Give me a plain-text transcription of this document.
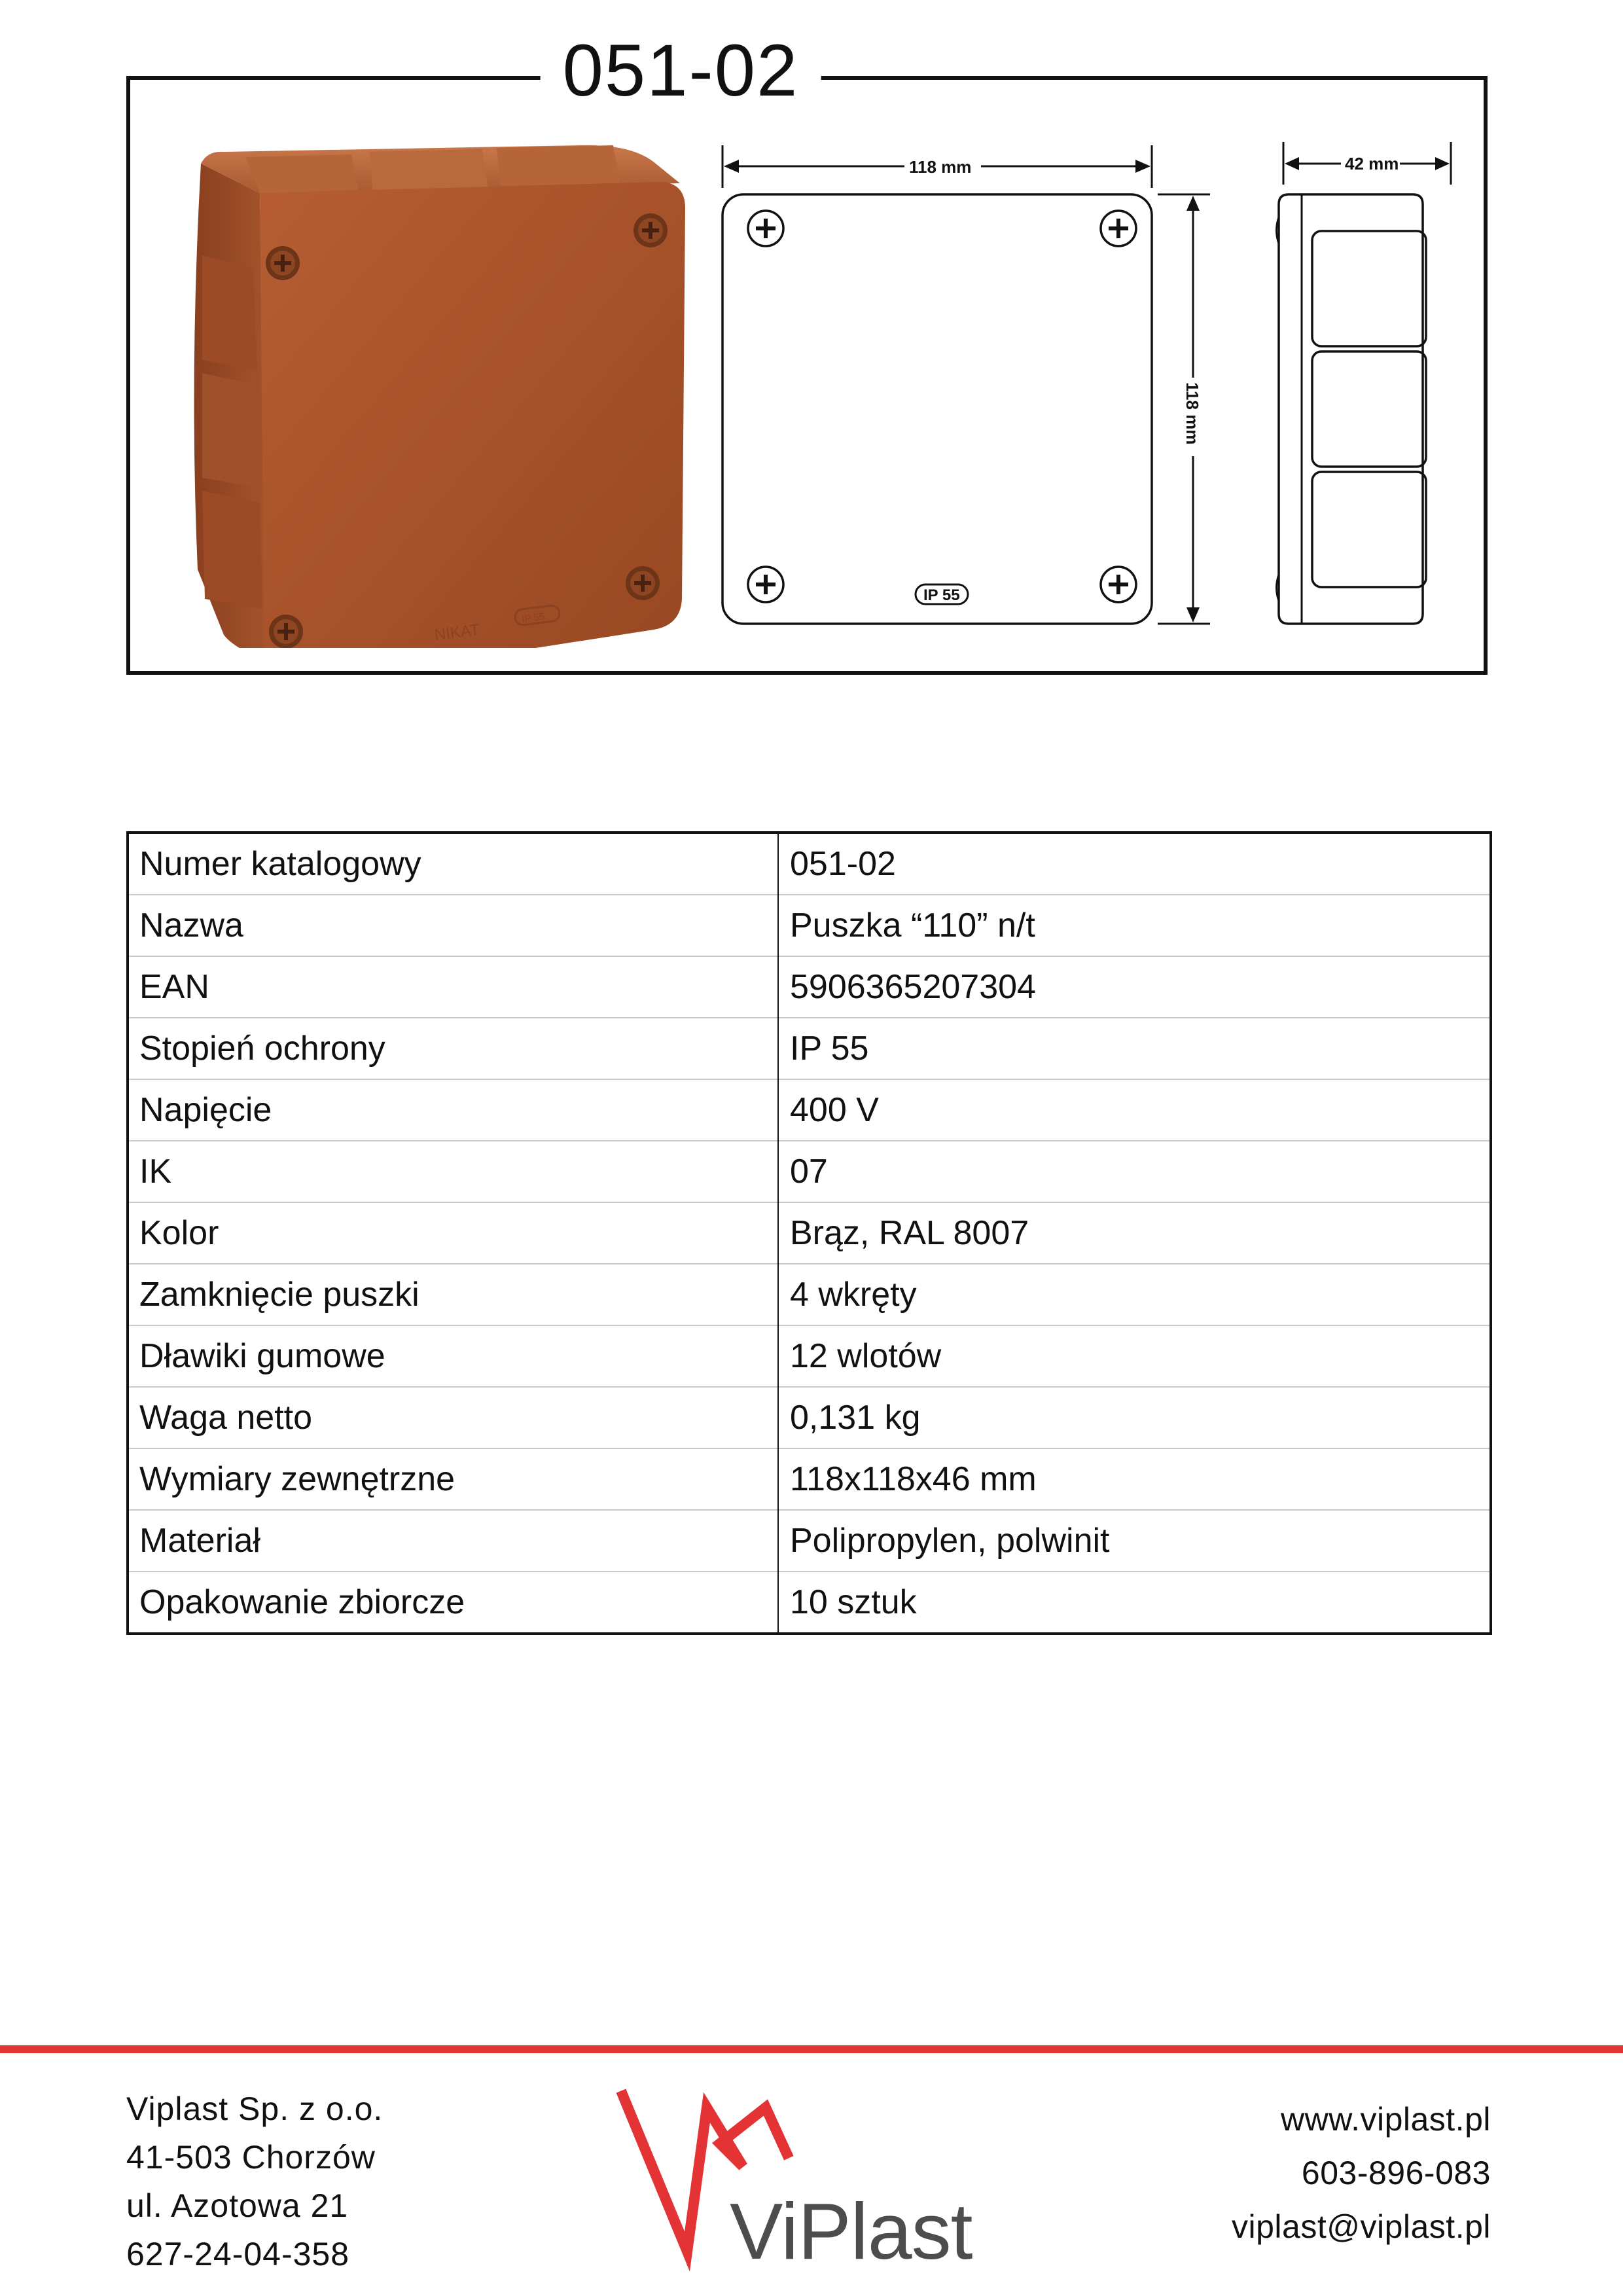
NIKAT
IP 55
IP 55
118 mm
118 mm
42 mm
051-02
Numer katalogowy	051-02
Nazwa	Puszka “110” n/t
EAN	5906365207304
Stopień ochrony	IP 55
Napięcie	400 V
IK	07
Kolor	Brąz, RAL 8007
Zamknięcie puszki	4 wkręty
Dławiki gumowe	12 wlotów
Waga netto	0,131 kg
Wymiary zewnętrzne	118x118x46 mm
Materiał	Polipropylen, polwinit
Opakowanie zbiorcze	10 sztuk
Viplast Sp. z o.o.
41-503 Chorzów
ul. Azotowa 21
627-24-04-358	ViPlast
www.viplast.pl
603-896-083
viplast@viplast.pl
